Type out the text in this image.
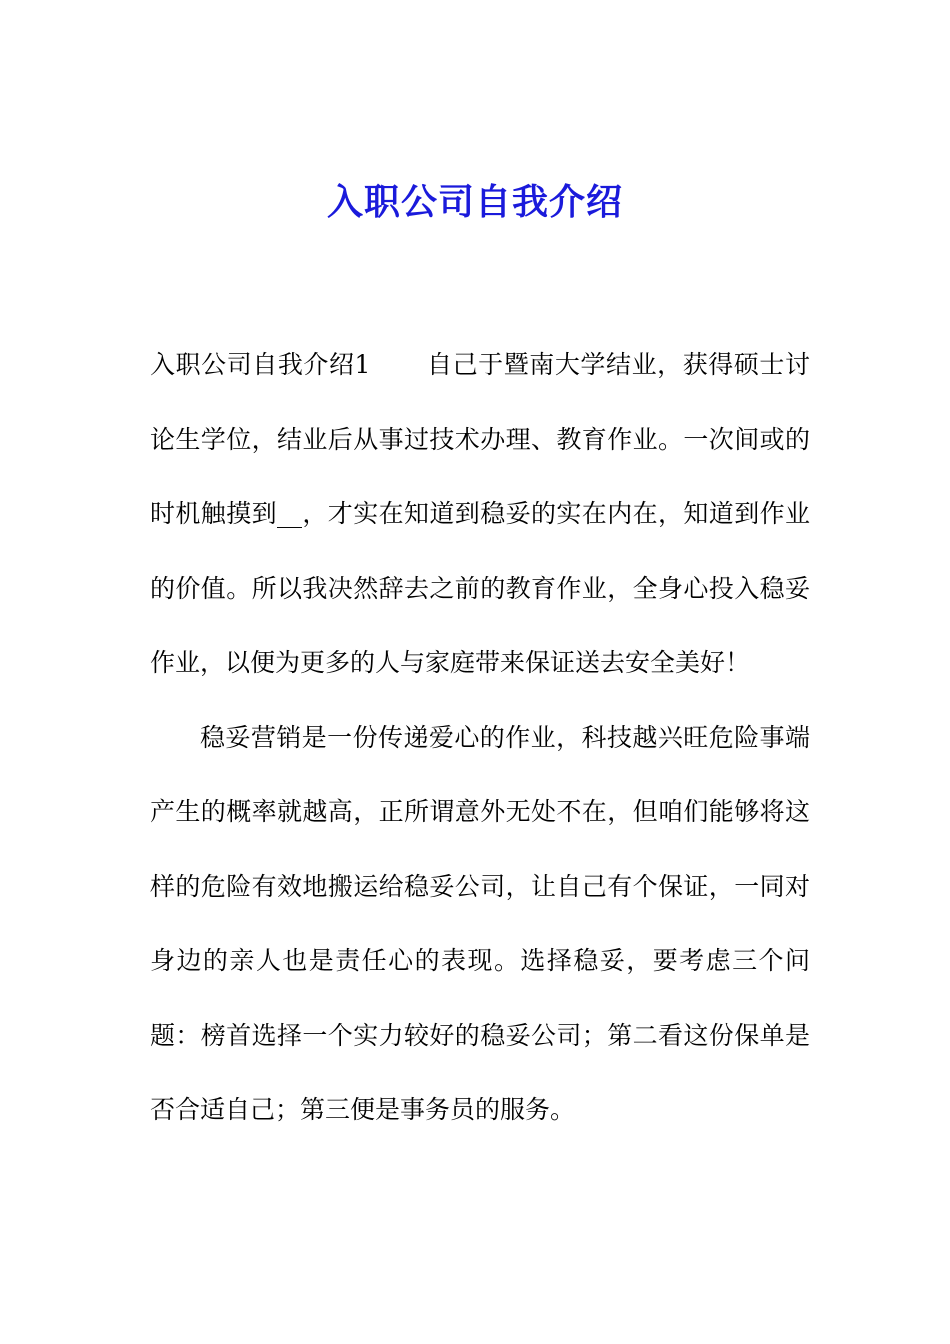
入职公司自我介绍

入职公司自我介绍1 自己于暨南大学结业，获得硕士讨论生学位，结业后从事过技术办理、教育作业。一次间或的时机触摸到__，才实在知道到稳妥的实在内在，知道到作业的价值。所以我决然辞去之前的教育作业，全身心投入稳妥作业，以便为更多的人与家庭带来保证送去安全美好！

稳妥营销是一份传递爱心的作业，科技越兴旺危险事端产生的概率就越高，正所谓意外无处不在，但咱们能够将这样的危险有效地搬运给稳妥公司，让自己有个保证，一同对身边的亲人也是责任心的表现。选择稳妥，要考虑三个问题：榜首选择一个实力较好的稳妥公司；第二看这份保单是否合适自己；第三便是事务员的服务。
